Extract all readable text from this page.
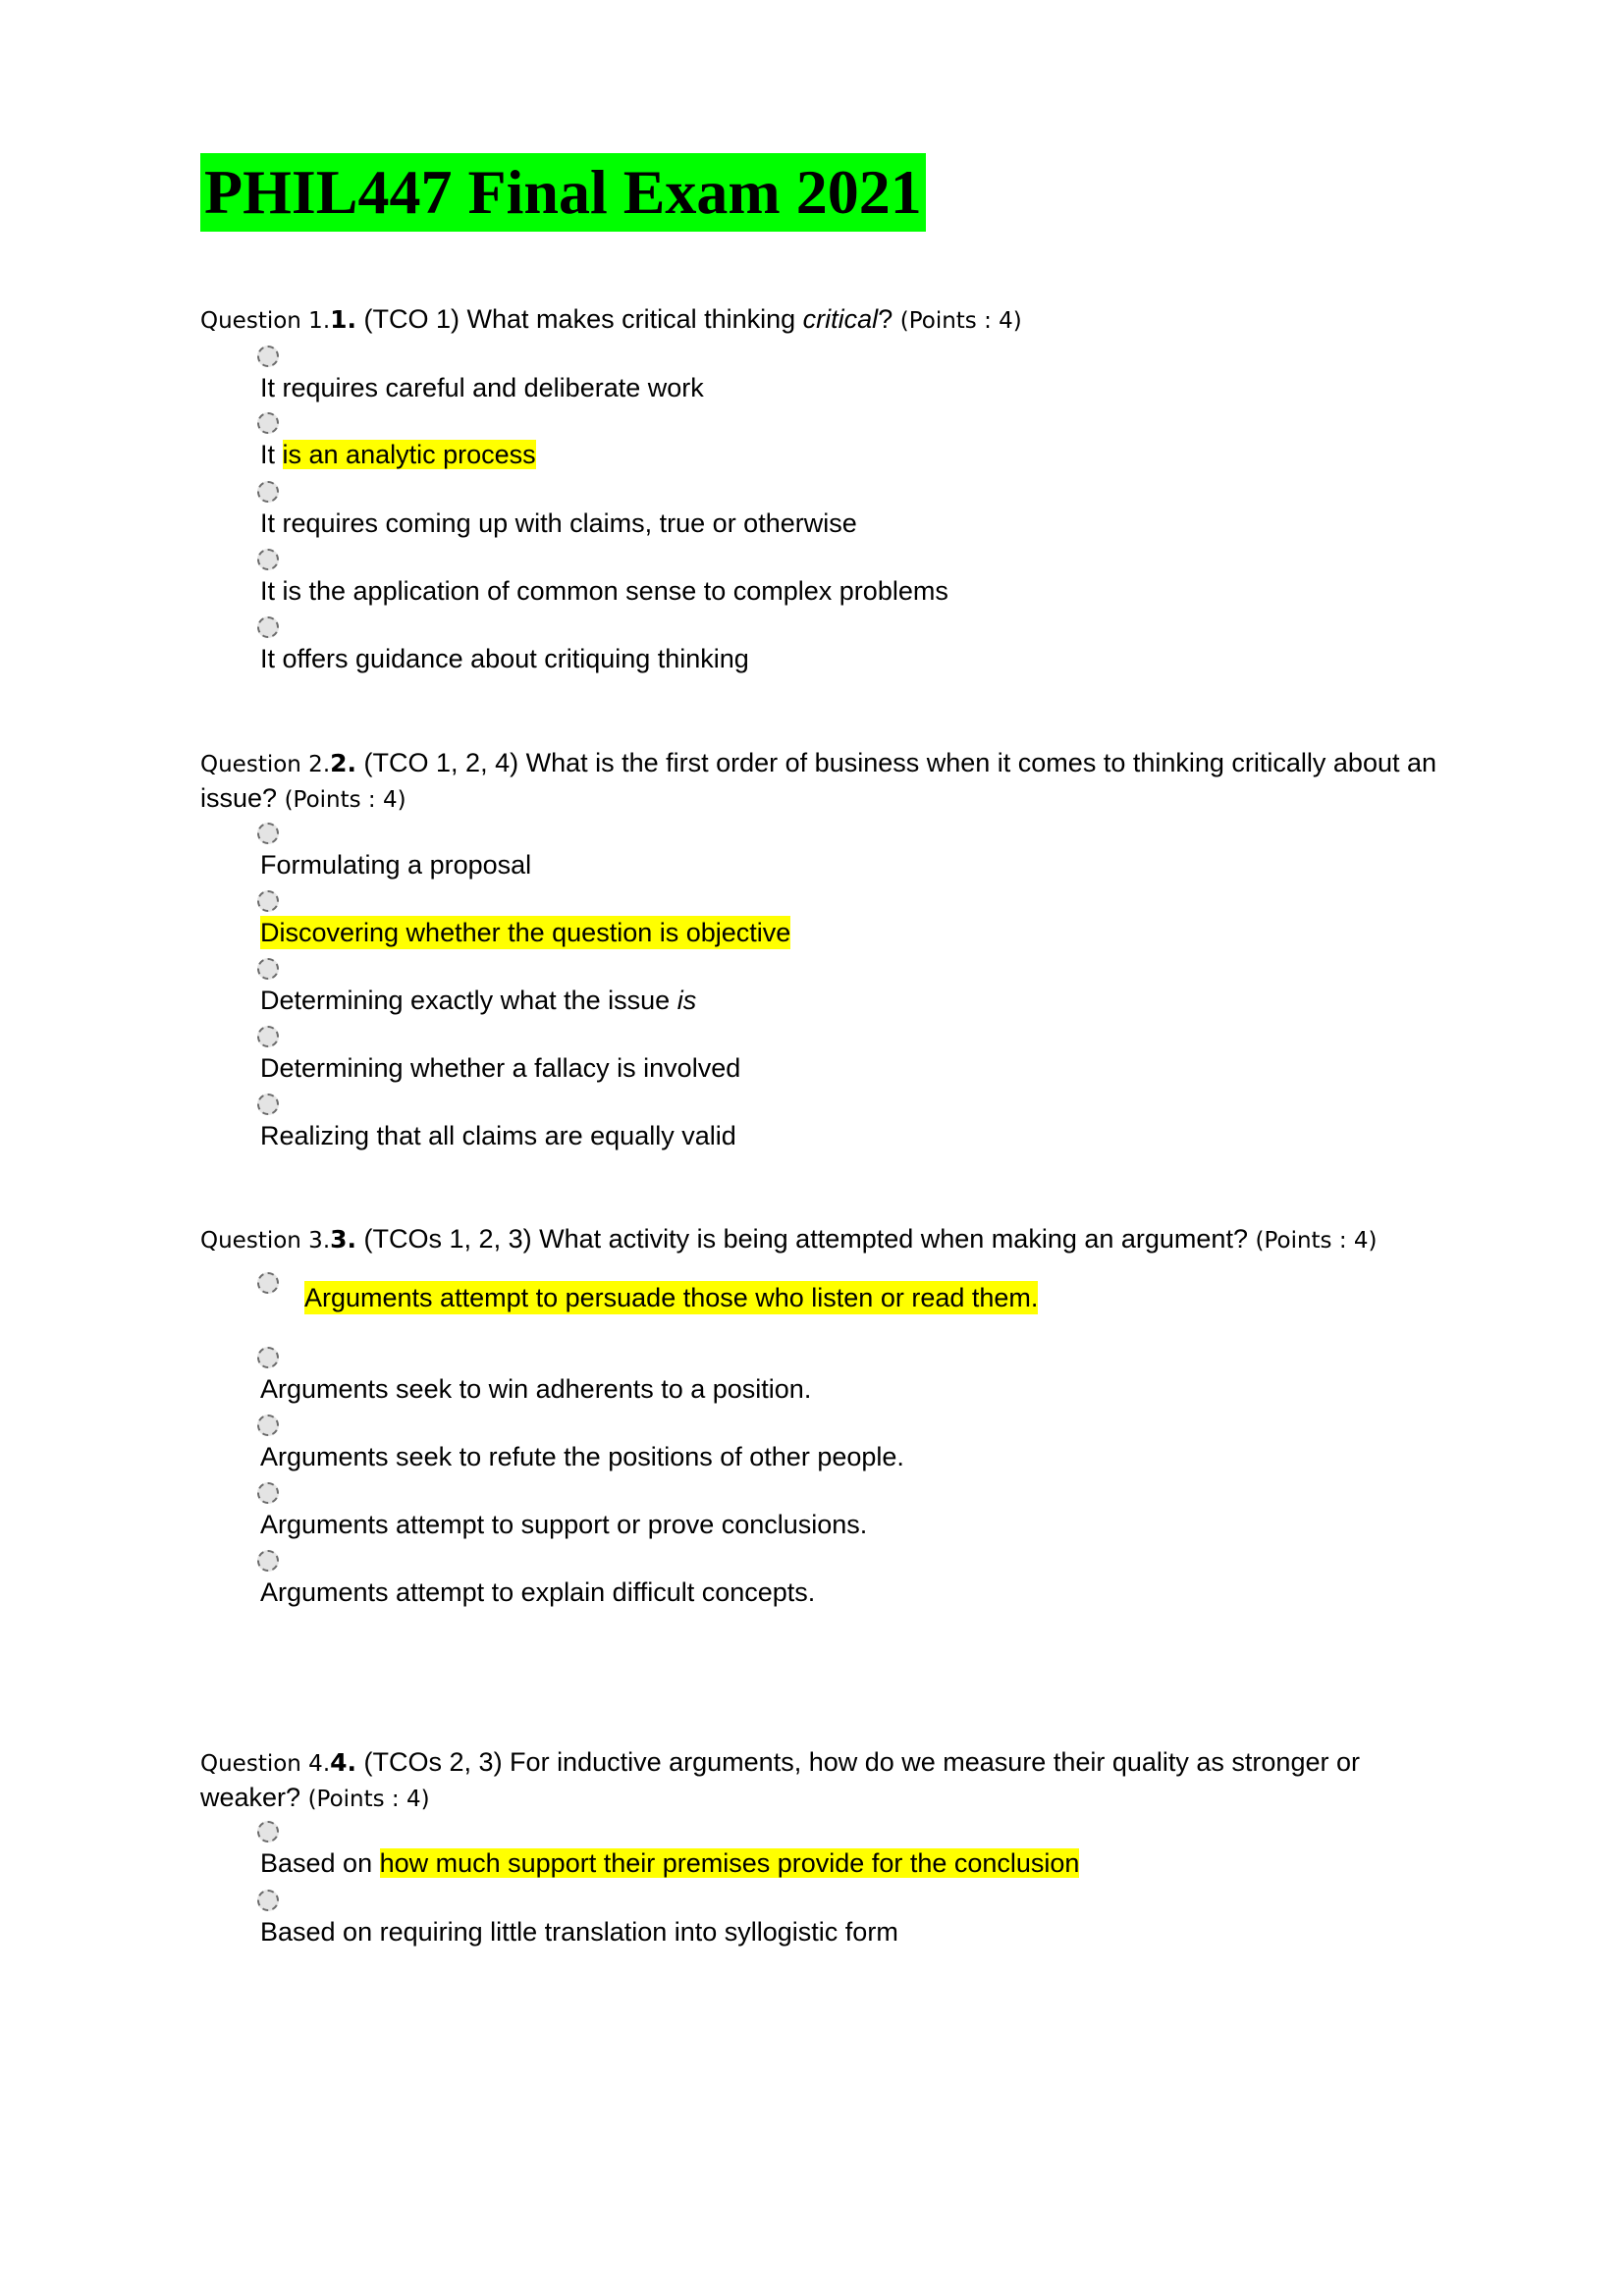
PHIL447 Final Exam 2021
Question 1.1. (TCO 1) What makes critical thinking critical? (Points : 4)
It requires careful and deliberate work
It is an analytic process
It requires coming up with claims, true or otherwise
It is the application of common sense to complex problems
It offers guidance about critiquing thinking
Question 2.2. (TCO 1, 2, 4) What is the first order of business when it comes to thinking critically about an issue? (Points : 4)
Formulating a proposal
Discovering whether the question is objective
Determining exactly what the issue is
Determining whether a fallacy is involved
Realizing that all claims are equally valid
Question 3.3. (TCOs 1, 2, 3) What activity is being attempted when making an argument? (Points : 4)
Arguments attempt to persuade those who listen or read them.
Arguments seek to win adherents to a position.
Arguments seek to refute the positions of other people.
Arguments attempt to support or prove conclusions.
Arguments attempt to explain difficult concepts.
Question 4.4. (TCOs 2, 3) For inductive arguments, how do we measure their quality as stronger or weaker? (Points : 4)
Based on how much support their premises provide for the conclusion
Based on requiring little translation into syllogistic form
